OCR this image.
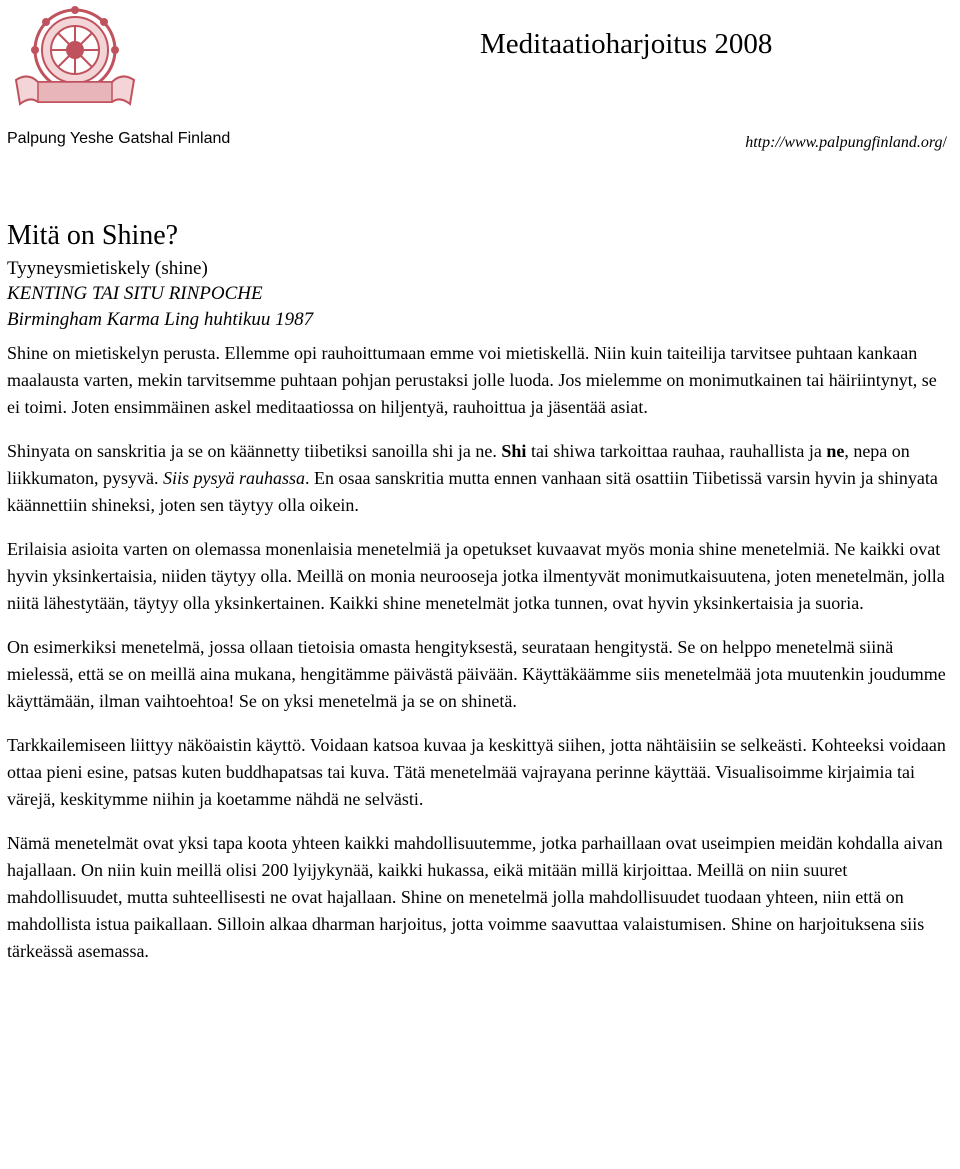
Meditaatioharjoitus 2008
Palpung Yeshe Gatshal Finland	http://www.palpungfinland.org/
Mitä on Shine?
Tyyneysmietiskely (shine)
KENTING TAI SITU RINPOCHE
Birmingham Karma Ling huhtikuu 1987

Shine on mietiskelyn perusta. Ellemme opi rauhoittumaan emme voi mietiskellä. Niin kuin taiteilija tarvitsee puhtaan kankaan maalausta varten, mekin tarvitsemme puhtaan pohjan perustaksi jolle luoda. Jos mielemme on monimutkainen tai häiriintynyt, se ei toimi. Joten ensimmäinen askel meditaatiossa on hiljentyä, rauhoittua ja jäsentää asiat.

Shinyata on sanskritia ja se on käännetty tiibetiksi sanoilla shi ja ne. Shi tai shiwa tarkoittaa rauhaa, rauhallista ja ne, nepa on liikkumaton, pysyvä. Siis pysyä rauhassa. En osaa sanskritia mutta ennen vanhaan sitä osattiin Tiibetissä varsin hyvin ja shinyata käännettiin shineksi, joten sen täytyy olla oikein.

Erilaisia asioita varten on olemassa monenlaisia menetelmiä ja opetukset kuvaavat myös monia shine menetelmiä. Ne kaikki ovat hyvin yksinkertaisia, niiden täytyy olla. Meillä on monia neurooseja jotka ilmentyvät monimutkaisuutena, joten menetelmän, jolla niitä lähestytään, täytyy olla yksinkertainen. Kaikki shine menetelmät jotka tunnen, ovat hyvin yksinkertaisia ja suoria.

On esimerkiksi menetelmä, jossa ollaan tietoisia omasta hengityksestä, seurataan hengitystä. Se on helppo menetelmä siinä mielessä, että se on meillä aina mukana, hengitämme päivästä päivään. Käyttäkäämme siis menetelmää jota muutenkin joudumme käyttämään, ilman vaihtoehtoa! Se on yksi menetelmä ja se on shinetä.

Tarkkailemiseen liittyy näköaistin käyttö. Voidaan katsoa kuvaa ja keskittyä siihen, jotta nähtäisiin se selkeästi. Kohteeksi voidaan ottaa pieni esine, patsas kuten buddhapatsas tai kuva. Tätä menetelmää vajrayana perinne käyttää. Visualisoimme kirjaimia tai värejä, keskitymme niihin ja koetamme nähdä ne selvästi.

Nämä menetelmät ovat yksi tapa koota yhteen kaikki mahdollisuutemme, jotka parhaillaan ovat useimpien meidän kohdalla aivan hajallaan. On niin kuin meillä olisi 200 lyijykynää, kaikki hukassa, eikä mitään millä kirjoittaa. Meillä on niin suuret mahdollisuudet, mutta suhteellisesti ne ovat hajallaan. Shine on menetelmä jolla mahdollisuudet tuodaan yhteen, niin että on mahdollista istua paikallaan. Silloin alkaa dharman harjoitus, jotta voimme saavuttaa valaistumisen. Shine on harjoituksena siis tärkeässä asemassa.
